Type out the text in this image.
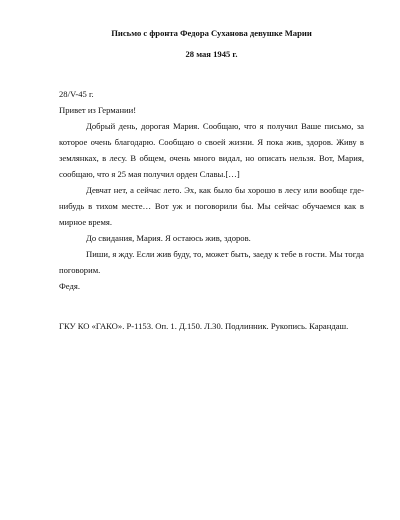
Письмо с фронта Федора Суханова девушке Марии

28 мая 1945 г.

28/V-45 г.

Привет из Германии!

Добрый день, дорогая Мария. Сообщаю, что я получил Ваше письмо, за которое очень благодарю. Сообщаю о своей жизни. Я пока жив, здоров. Живу в землянках, в лесу. В общем, очень много видал, но описать нельзя. Вот, Мария, сообщаю, что я 25 мая получил орден Славы.[…]

Девчат нет, а сейчас лето. Эх, как было бы хорошо в лесу или вообще где-нибудь в тихом месте… Вот уж и поговорили бы. Мы сейчас обучаемся как в мирное время.

До свидания, Мария. Я остаюсь жив, здоров.

Пиши, я жду. Если жив буду, то, может быть, заеду к тебе в гости. Мы тогда поговорим.

Федя.

ГКУ КО «ГАКО». Р-1153. Оп. 1. Д.150. Л.30. Подлинник. Рукопись. Карандаш.
